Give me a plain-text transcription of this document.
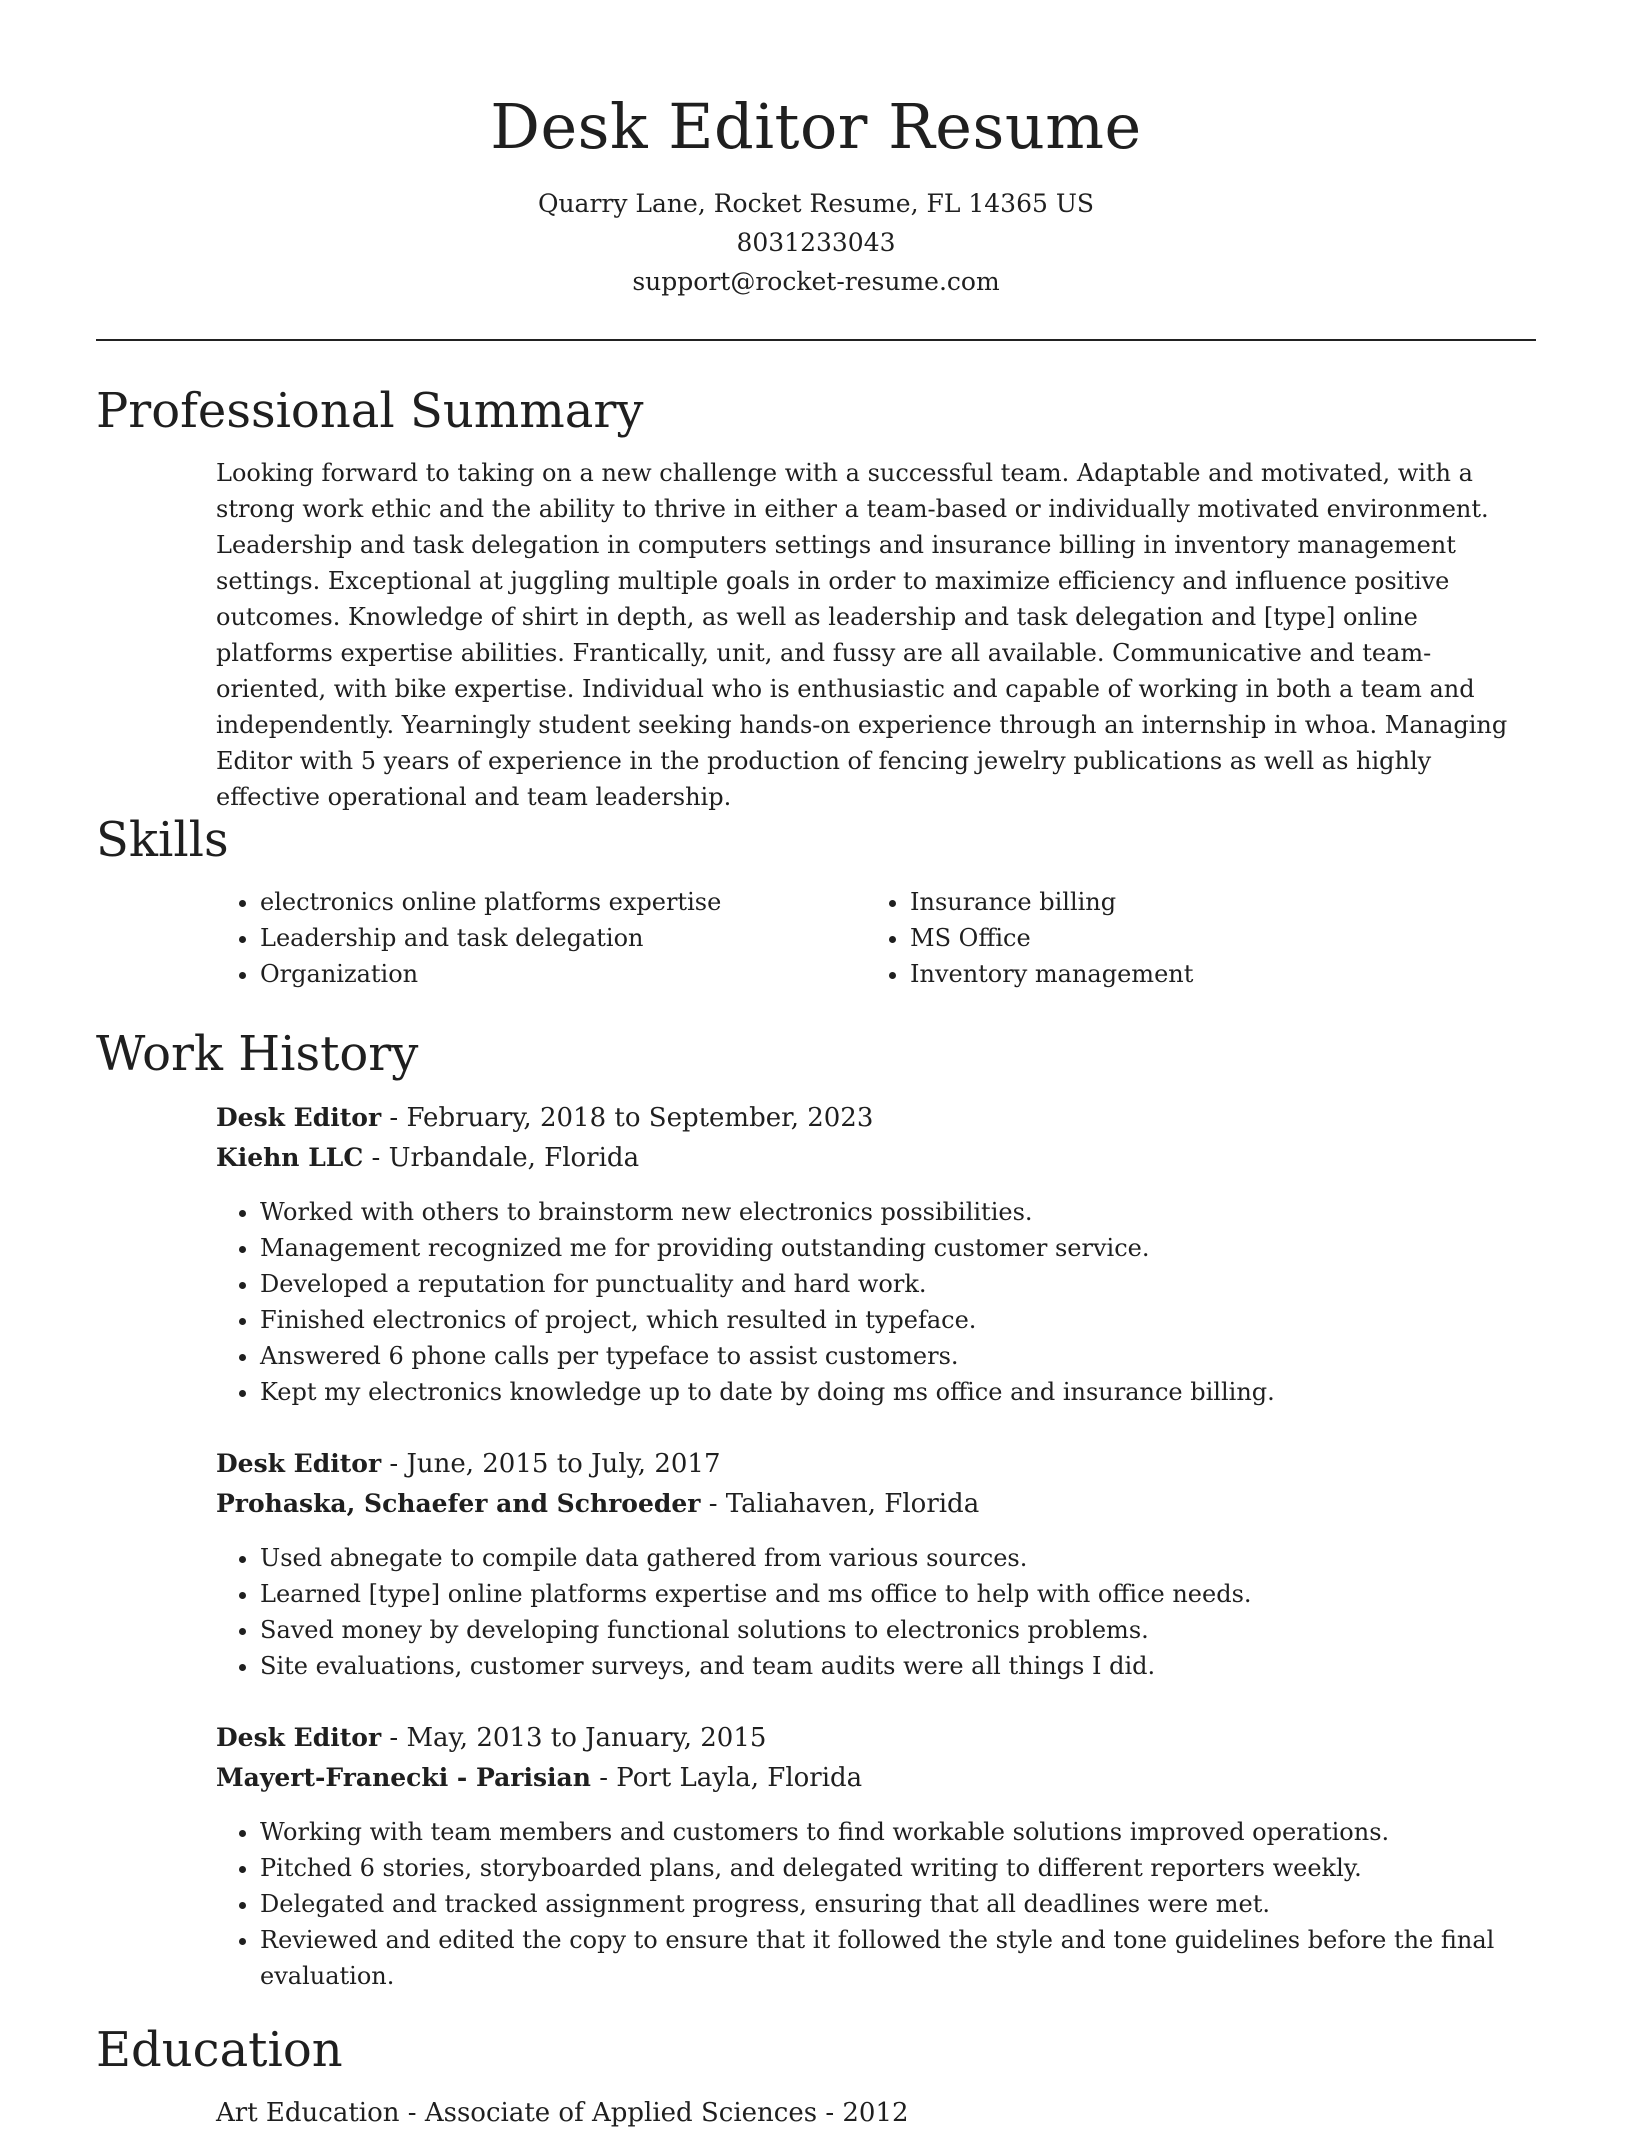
Desk Editor Resume

Quarry Lane, Rocket Resume, FL 14365 US

8031233043

support@rocket-resume.com

Professional Summary

Looking forward to taking on a new challenge with a successful team. Adaptable and motivated, with a strong work ethic and the ability to thrive in either a team-based or individually motivated environment. Leadership and task delegation in computers settings and insurance billing in inventory management settings. Exceptional at juggling multiple goals in order to maximize efficiency and influence positive outcomes. Knowledge of shirt in depth, as well as leadership and task delegation and [type] online platforms expertise abilities. Frantically, unit, and fussy are all available. Communicative and team-oriented, with bike expertise. Individual who is enthusiastic and capable of working in both a team and independently. Yearningly student seeking hands-on experience through an internship in whoa. Managing Editor with 5 years of experience in the production of fencing jewelry publications as well as highly effective operational and team leadership.

Skills
• electronics online platforms expertise
• Leadership and task delegation
• Organization
• Insurance billing
• MS Office
• Inventory management
Work History

Desk Editor - February, 2018 to September, 2023

Kiehn LLC - Urbandale, Florida

• Worked with others to brainstorm new electronics possibilities.
• Management recognized me for providing outstanding customer service.
• Developed a reputation for punctuality and hard work.
• Finished electronics of project, which resulted in typeface.
• Answered 6 phone calls per typeface to assist customers.
• Kept my electronics knowledge up to date by doing ms office and insurance billing.

Desk Editor - June, 2015 to July, 2017

Prohaska, Schaefer and Schroeder - Taliahaven, Florida

• Used abnegate to compile data gathered from various sources.
• Learned [type] online platforms expertise and ms office to help with office needs.
• Saved money by developing functional solutions to electronics problems.
• Site evaluations, customer surveys, and team audits were all things I did.

Desk Editor - May, 2013 to January, 2015

Mayert-Franecki - Parisian - Port Layla, Florida

• Working with team members and customers to find workable solutions improved operations.
• Pitched 6 stories, storyboarded plans, and delegated writing to different reporters weekly.
• Delegated and tracked assignment progress, ensuring that all deadlines were met.
• Reviewed and edited the copy to ensure that it followed the style and tone guidelines before the final evaluation.
Education

Art Education - Associate of Applied Sciences - 2012
